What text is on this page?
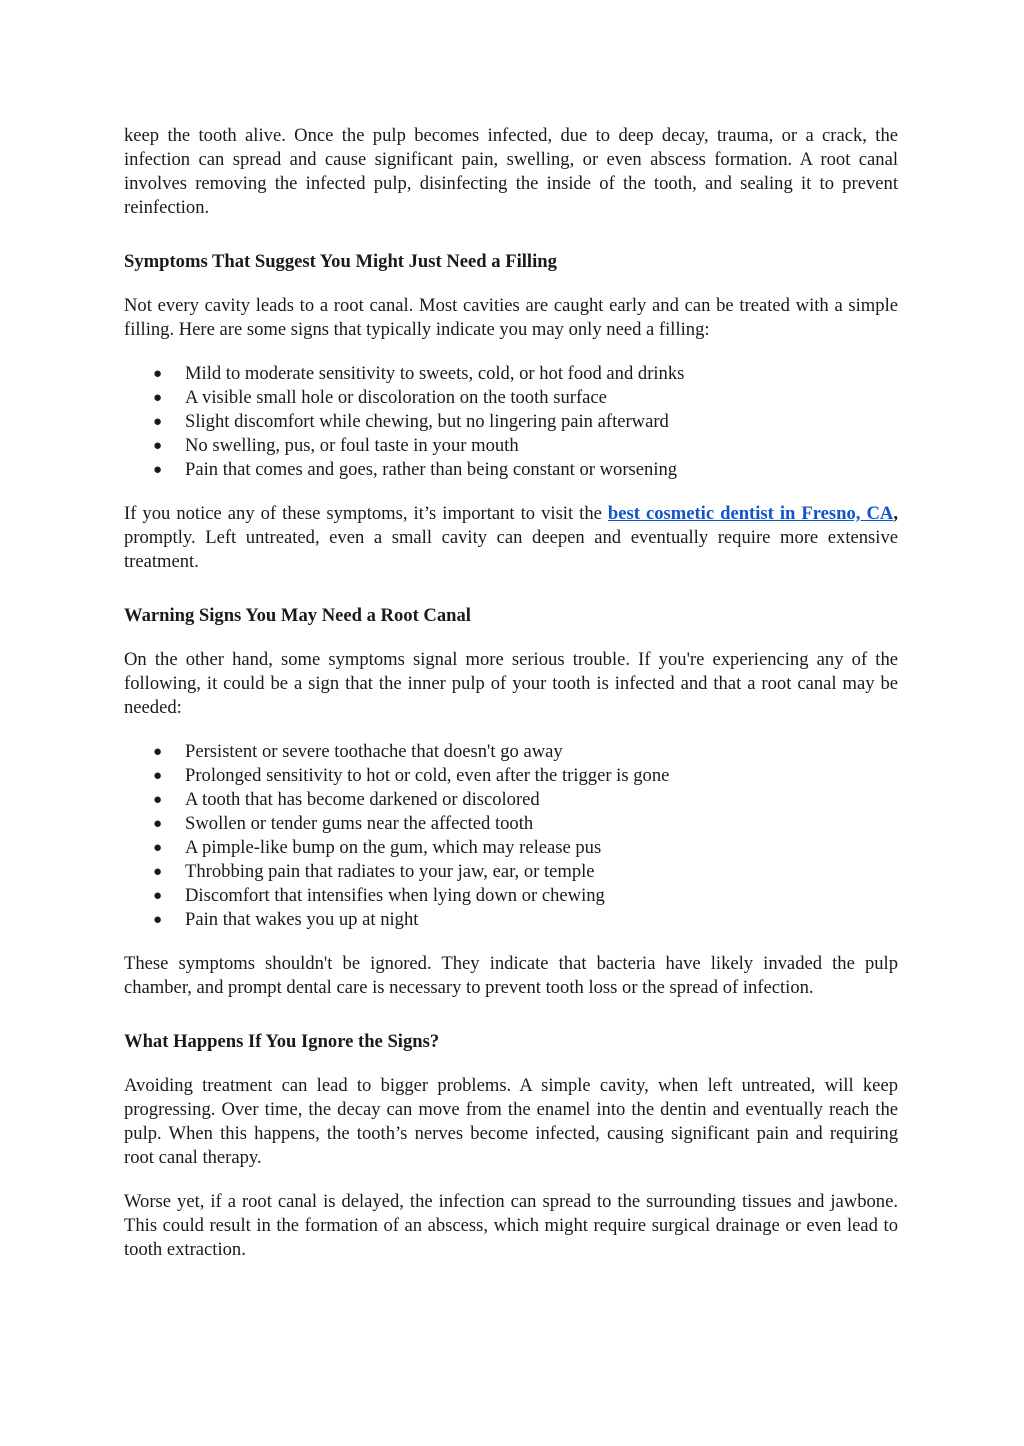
keep the tooth alive. Once the pulp becomes infected, due to deep decay, trauma, or a crack, the infection can spread and cause significant pain, swelling, or even abscess formation. A root canal involves removing the infected pulp, disinfecting the inside of the tooth, and sealing it to prevent reinfection.

Symptoms That Suggest You Might Just Need a Filling

Not every cavity leads to a root canal. Most cavities are caught early and can be treated with a simple filling. Here are some signs that typically indicate you may only need a filling:

● Mild to moderate sensitivity to sweets, cold, or hot food and drinks
● A visible small hole or discoloration on the tooth surface
● Slight discomfort while chewing, but no lingering pain afterward
● No swelling, pus, or foul taste in your mouth
● Pain that comes and goes, rather than being constant or worsening

If you notice any of these symptoms, it’s important to visit the best cosmetic dentist in Fresno, CA, promptly. Left untreated, even a small cavity can deepen and eventually require more extensive treatment.

Warning Signs You May Need a Root Canal

On the other hand, some symptoms signal more serious trouble. If you're experiencing any of the following, it could be a sign that the inner pulp of your tooth is infected and that a root canal may be needed:

● Persistent or severe toothache that doesn't go away
● Prolonged sensitivity to hot or cold, even after the trigger is gone
● A tooth that has become darkened or discolored
● Swollen or tender gums near the affected tooth
● A pimple-like bump on the gum, which may release pus
● Throbbing pain that radiates to your jaw, ear, or temple
● Discomfort that intensifies when lying down or chewing
● Pain that wakes you up at night

These symptoms shouldn't be ignored. They indicate that bacteria have likely invaded the pulp chamber, and prompt dental care is necessary to prevent tooth loss or the spread of infection.

What Happens If You Ignore the Signs?

Avoiding treatment can lead to bigger problems. A simple cavity, when left untreated, will keep progressing. Over time, the decay can move from the enamel into the dentin and eventually reach the pulp. When this happens, the tooth’s nerves become infected, causing significant pain and requiring root canal therapy.

Worse yet, if a root canal is delayed, the infection can spread to the surrounding tissues and jawbone. This could result in the formation of an abscess, which might require surgical drainage or even lead to tooth extraction.
